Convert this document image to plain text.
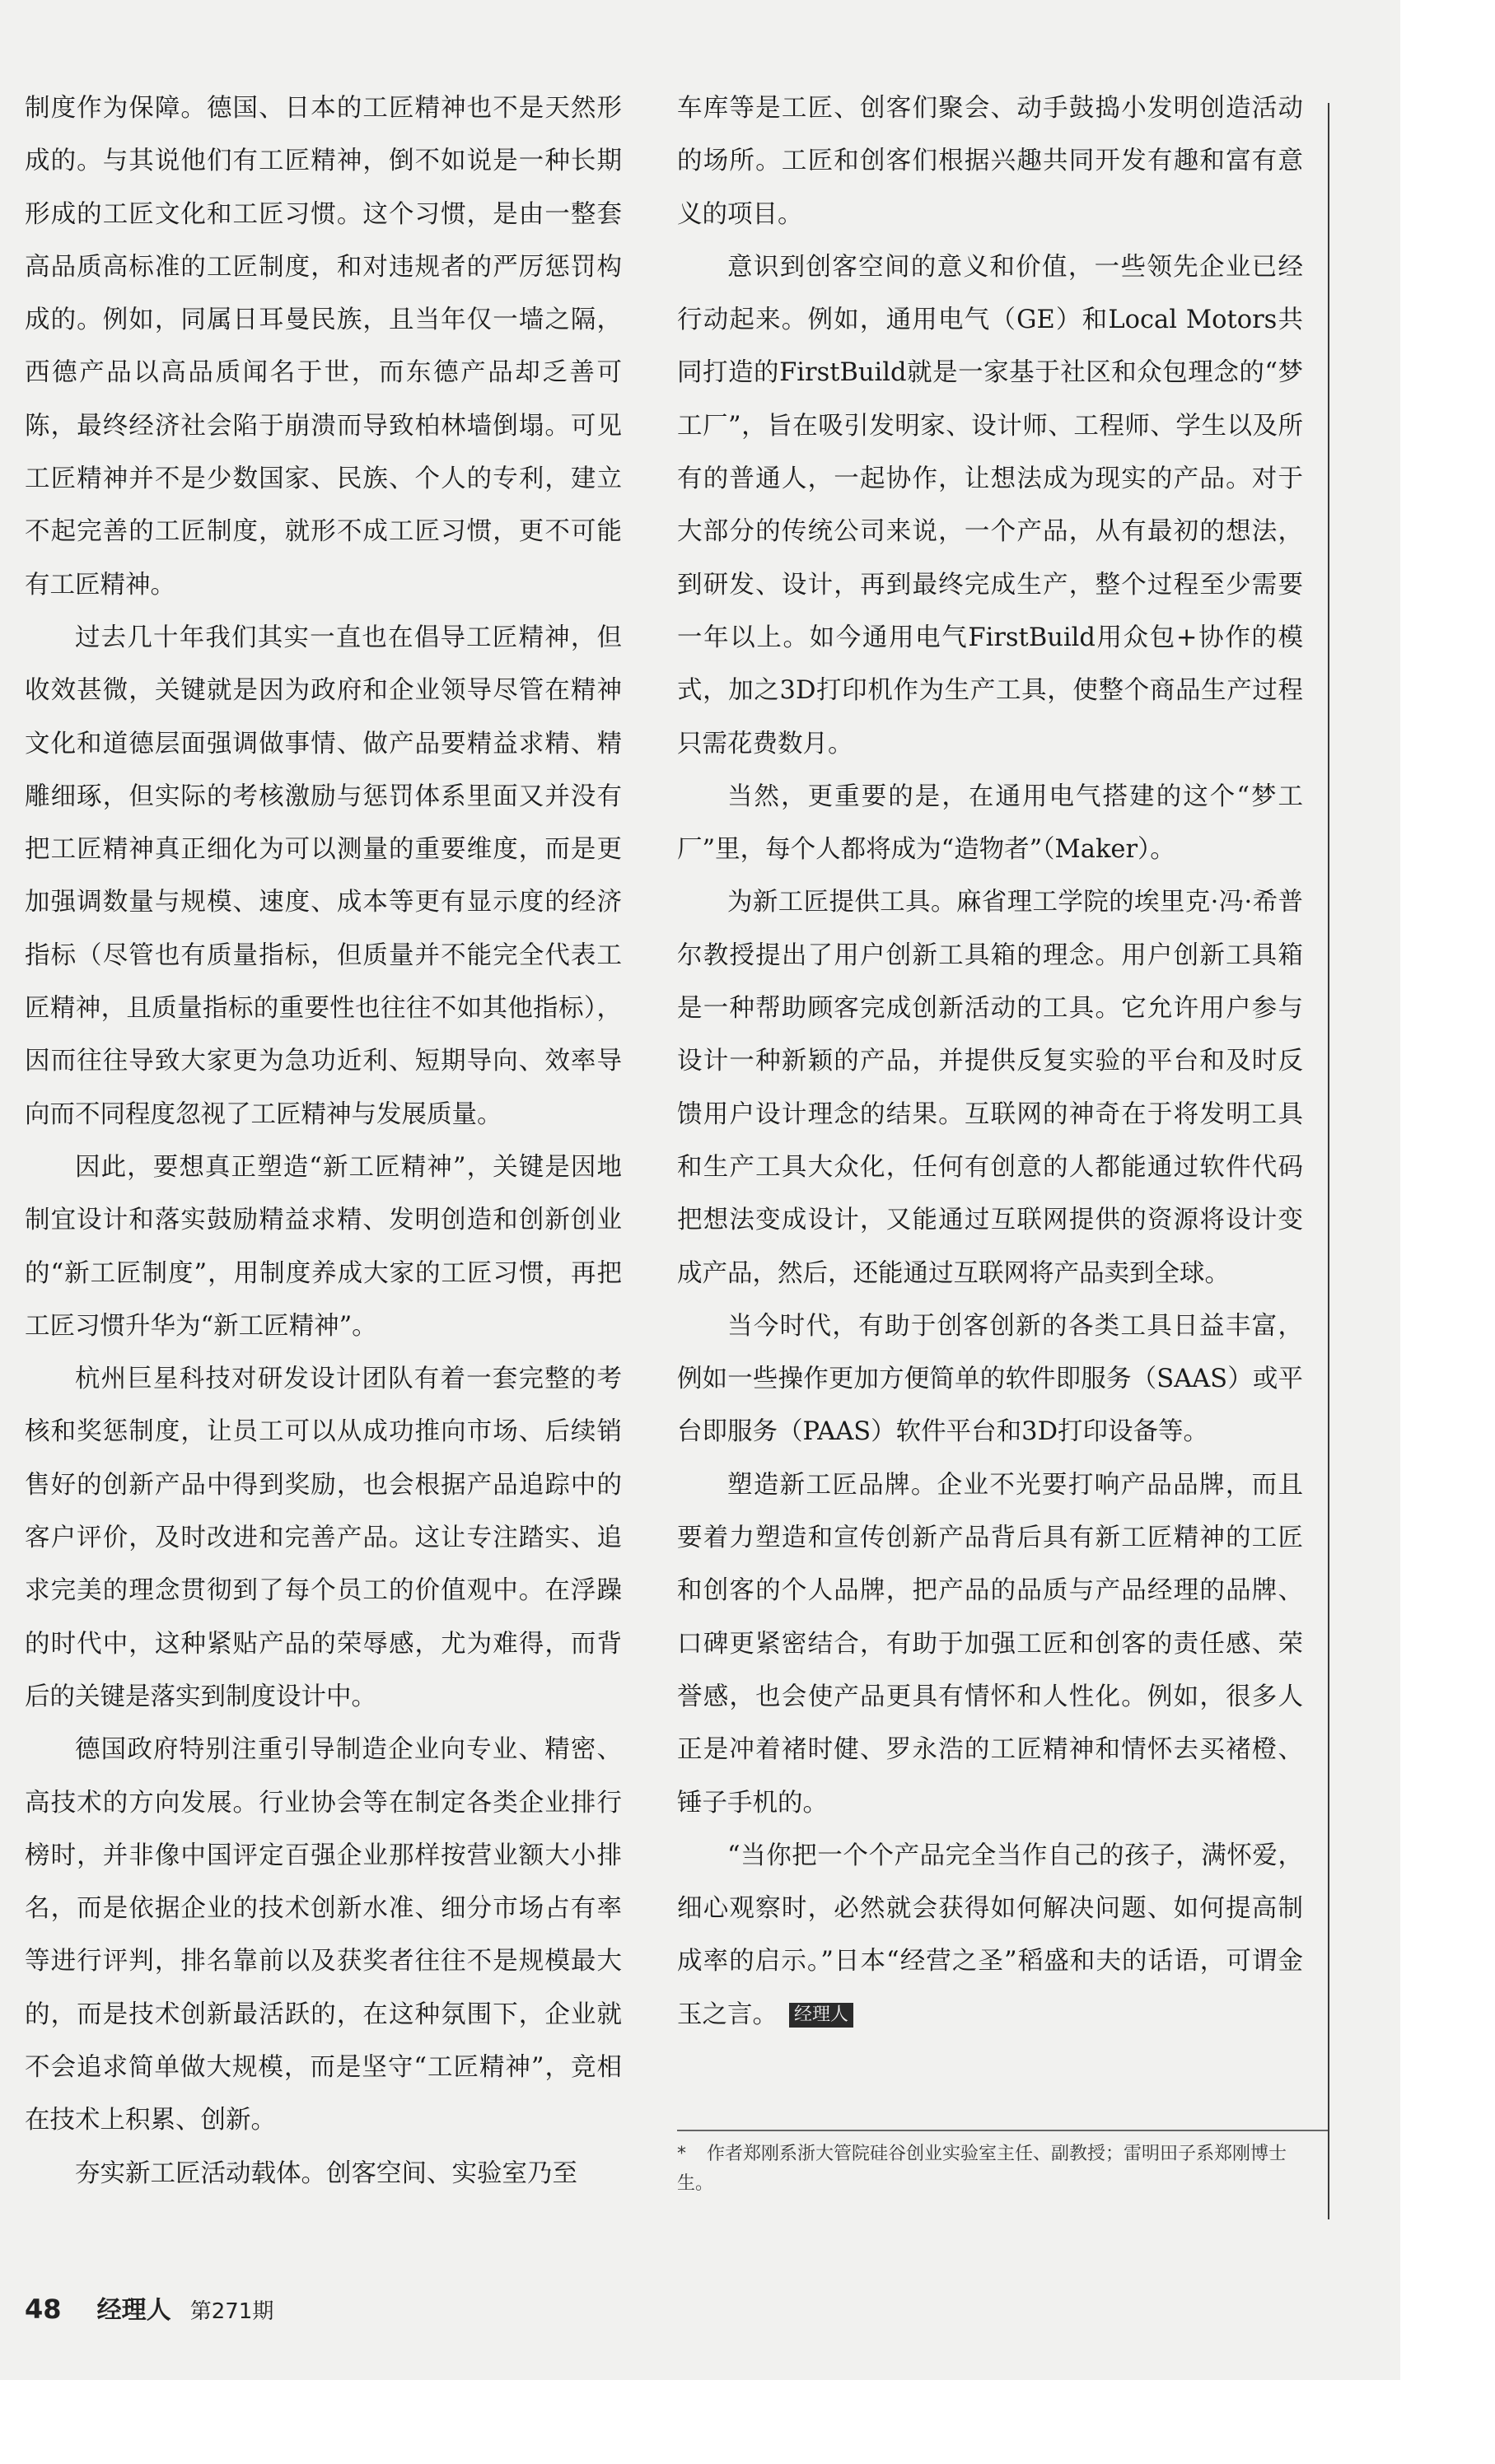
制度作为保障。德国、日本的工匠精神也不是天然形成的。与其说他们有工匠精神，倒不如说是一种长期形成的工匠文化和工匠习惯。这个习惯，是由一整套高品质高标准的工匠制度，和对违规者的严厉惩罚构成的。例如，同属日耳曼民族，且当年仅一墙之隔，西德产品以高品质闻名于世，而东德产品却乏善可陈，最终经济社会陷于崩溃而导致柏林墙倒塌。可见工匠精神并不是少数国家、民族、个人的专利，建立不起完善的工匠制度，就形不成工匠习惯，更不可能有工匠精神。

过去几十年我们其实一直也在倡导工匠精神，但收效甚微，关键就是因为政府和企业领导尽管在精神文化和道德层面强调做事情、做产品要精益求精、精雕细琢，但实际的考核激励与惩罚体系里面又并没有把工匠精神真正细化为可以测量的重要维度，而是更加强调数量与规模、速度、成本等更有显示度的经济指标（尽管也有质量指标，但质量并不能完全代表工匠精神，且质量指标的重要性也往往不如其他指标），因而往往导致大家更为急功近利、短期导向、效率导向而不同程度忽视了工匠精神与发展质量。

因此，要想真正塑造“新工匠精神”，关键是因地制宜设计和落实鼓励精益求精、发明创造和创新创业的“新工匠制度”，用制度养成大家的工匠习惯，再把工匠习惯升华为“新工匠精神”。

杭州巨星科技对研发设计团队有着一套完整的考核和奖惩制度，让员工可以从成功推向市场、后续销售好的创新产品中得到奖励，也会根据产品追踪中的客户评价，及时改进和完善产品。这让专注踏实、追求完美的理念贯彻到了每个员工的价值观中。在浮躁的时代中，这种紧贴产品的荣辱感，尤为难得，而背后的关键是落实到制度设计中。

德国政府特别注重引导制造企业向专业、精密、高技术的方向发展。行业协会等在制定各类企业排行榜时，并非像中国评定百强企业那样按营业额大小排名，而是依据企业的技术创新水准、细分市场占有率等进行评判，排名靠前以及获奖者往往不是规模最大的，而是技术创新最活跃的，在这种氛围下，企业就不会追求简单做大规模，而是坚守“工匠精神”，竞相在技术上积累、创新。

夯实新工匠活动载体。创客空间、实验室乃至

车库等是工匠、创客们聚会、动手鼓捣小发明创造活动的场所。工匠和创客们根据兴趣共同开发有趣和富有意义的项目。

意识到创客空间的意义和价值，一些领先企业已经行动起来。例如，通用电气（GE）和Local Motors共同打造的FirstBuild就是一家基于社区和众包理念的“梦工厂”，旨在吸引发明家、设计师、工程师、学生以及所有的普通人，一起协作，让想法成为现实的产品。对于大部分的传统公司来说，一个产品，从有最初的想法，到研发、设计，再到最终完成生产，整个过程至少需要一年以上。如今通用电气FirstBuild用众包+协作的模式，加之3D打印机作为生产工具，使整个商品生产过程只需花费数月。

当然，更重要的是，在通用电气搭建的这个“梦工厂”里，每个人都将成为“造物者”（Maker）。

为新工匠提供工具。麻省理工学院的埃里克·冯·希普尔教授提出了用户创新工具箱的理念。用户创新工具箱是一种帮助顾客完成创新活动的工具。它允许用户参与设计一种新颖的产品，并提供反复实验的平台和及时反馈用户设计理念的结果。互联网的神奇在于将发明工具和生产工具大众化，任何有创意的人都能通过软件代码把想法变成设计，又能通过互联网提供的资源将设计变成产品，然后，还能通过互联网将产品卖到全球。

当今时代，有助于创客创新的各类工具日益丰富，例如一些操作更加方便简单的软件即服务（SAAS）或平台即服务（PAAS）软件平台和3D打印设备等。

塑造新工匠品牌。企业不光要打响产品品牌，而且要着力塑造和宣传创新产品背后具有新工匠精神的工匠和创客的个人品牌，把产品的品质与产品经理的品牌、口碑更紧密结合，有助于加强工匠和创客的责任感、荣誉感，也会使产品更具有情怀和人性化。例如，很多人正是冲着褚时健、罗永浩的工匠精神和情怀去买褚橙、锤子手机的。

“当你把一个个产品完全当作自己的孩子，满怀爱，细心观察时，必然就会获得如何解决问题、如何提高制成率的启示。”日本“经营之圣”稻盛和夫的话语，可谓金玉之言。 经理人

* 作者郑刚系浙大管院硅谷创业实验室主任、副教授；雷明田子系郑刚博士生。
48 经理人 第271期
